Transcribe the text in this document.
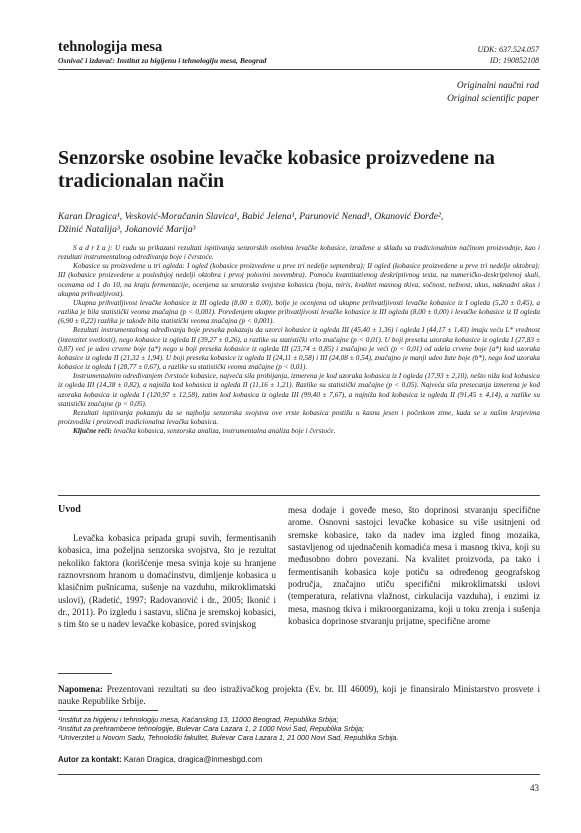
tehnologija mesa
Osnivač i izdavač: Institut za higijenu i tehnologiju mesa, Beograd
UDK: 637.524.057
ID: 190852108
Originalni naučni rad
Original scientific paper
Senzorske osobine levačke kobasice proizvedene na tradicionalan način
Karan Dragica¹, Vesković-Moračanin Slavica¹, Babić Jelena¹, Parunović Nenad¹, Okanović Đorđe²,
Džinić Natalija³, Jokanović Marija³

S a d r ž a j: U radu su prikazani rezultati ispitivanja senzorskih osobina levačke kobasice, izrađene u skladu sa tradicionalnim načinom proizvodnje, kao i rezultati instrumentalnog određivanja boje i čvrstoće.

Kobasice su proizvedene u tri ogleda: I ogled (kobasice proizvedene u prve tri nedelje septembra); II ogled (kobasice proizvedene u prve tri nedelje oktobra); III (kobasice proizvedene u poslednjoj nedelji oktobra i prvoj polovini novembra). Pomoću kvantitativnog deskriptivnog testa, na numeričko-deskriptivnoj skali, ocenama od 1 do 10, na kraju fermentacije, ocenjena su senzorska svojstva kobasica (boja, miris, kvalitet masnog tkiva, sočnost, nežnost, ukus, naknadni ukus i ukupna prihvatljivost).

Ukupna prihvatljivost levačke kobasice iz III ogleda (8,00 ± 0,00), bolje je ocenjena od ukupne prihvatljivosti levačke kobasice iz I ogleda (5,20 ± 0,45), a razlika je bila statistički veoma značajna (p < 0,001). Poređenjem ukupne prihvatljivosti levačke kobasice iz III ogleda (8,00 ± 0,00) i levačke kobasice iz II ogleda (6,90 ± 0,22) razlika je takođe bila statistički veoma značajna (p < 0,001).

Rezultati instrumentalnog određivanja boje preseka pokazuju da uzorci kobasice iz ogleda III (45,40 ± 1,36) i ogleda I (44,17 ± 1,43) imaju veću L* vrednost (intenzitet svetlosti), nego kobasice iz ogleda II (39,27 ± 0,26), a razlike su statistički vrlo značajne (p < 0,01). U boji preseka uzoraka kobasice iz ogleda I (27,83 ± 0,87) već je udeo crvene boje (a*) nego u boji preseka kobasice iz ogleda III (23,74 ± 0,85) i značajno je veći (p < 0,01) od udela crvene boje (a*) kod uzoraka kobasice iz ogleda II (21,32 ± 1,94). U boji preseka kobasice iz ogleda II (24,11 ± 0,58) i III (24,08 ± 0,54), značajno je manji udeo žute boje (b*), nego kod uzoraka kobasice iz ogleda I (28,77 ± 0,67), a razlike su statistički veoma značajne (p < 0,01).

Instrumentalnim određivanjem čvrstoće kobasice, najveća sila probijanja, izmerena je kod uzoraka kobasica iz I ogleda (17,93 ± 2,10), nešto niža kod kobasica iz ogleda III (14,38 ± 0,82), a najniža kod kobasica iz ogleda II (11,16 ± 1,21). Razlike su statistički značajne (p < 0,05). Najveća sila presecanja izmerena je kod uzoraka kobasica iz ogleda I (120,97 ± 12,58), zatim kod kobasica iz ogleda III (99,40 ± 7,67), a najniža kod kobasica iz ogleda II (91,45 ± 4,14), a razlike su statistički značajne (p < 0,05).

Rezultati ispitivanja pokazuju da se najbolja senzorska svojstva ove vrste kobasica postižu u kasnu jesen i početkom zime, kada se u našim krajevima proizvodila i proizvodi tradicionalna levačka kobasica.

Ključne reči: levačka kobasica, senzorska analiza, instrumentalna analiza boje i čvrstoće.

Uvod

Levačka kobasica pripada grupi suvih, fermentisanih kobasica, ima poželjna senzorska svojstva, što je rezultat nekoliko faktora (korišćenje mesa svinja koje su hranjene raznovrsnom hranom u domaćinstvu, dimljenje kobasica u klasičnim pušnicama, sušenje na vazduhu, mikroklimatski uslovi), (Radetić, 1997; Radovanović i dr., 2005; Ikonić i dr., 2011). Po izgledu i sastavu, slična je sremskoj kobasici, s tim što se u nadev levačke kobasice, pored svinjskog

mesa dodaje i goveđe meso, što doprinosi stvaranju specifične arome. Osnovni sastojci levačke kobasice su više usitnjeni od sremske kobasice, tako da nadev ima izgled finog mozaika, sastavljenog od ujednačenih komadića mesa i masnog tkiva, koji su međusobno dobro povezani. Na kvalitet proizvoda, pa tako i fermentisanih kobasica koje potiču sa određenog geografskog područja, značajno utiču specifični mikroklimatski uslovi (temperatura, relativna vlažnost, cirkulacija vazduha), i enzimi iz mesa, masnog tkiva i mikroorganizama, koji u toku zrenja i sušenja kobasica doprinose stvaranju prijatne, specifične arome

Napomena: Prezentovani rezultati su deo istraživačkog projekta (Ev. br. III 46009), koji je finansiralo Ministarstvo prosvete i nauke Republike Srbije.
¹Institut za higijenu i tehnologiju mesa, Kaćanskog 13, 11000 Beograd, Republika Srbija;
²Institut za prehrambene tehnologije, Bulevar Cara Lazara 1, 2 1000 Novi Sad, Republika Srbija;
³Univerzitet u Novom Sadu, Tehnološki fakultet, Bulevar Cara Lazara 1, 21 000 Novi Sad, Republika Srbija.
Autor za kontakt: Karan Dragica, dragica@inmesbgd.com
43
